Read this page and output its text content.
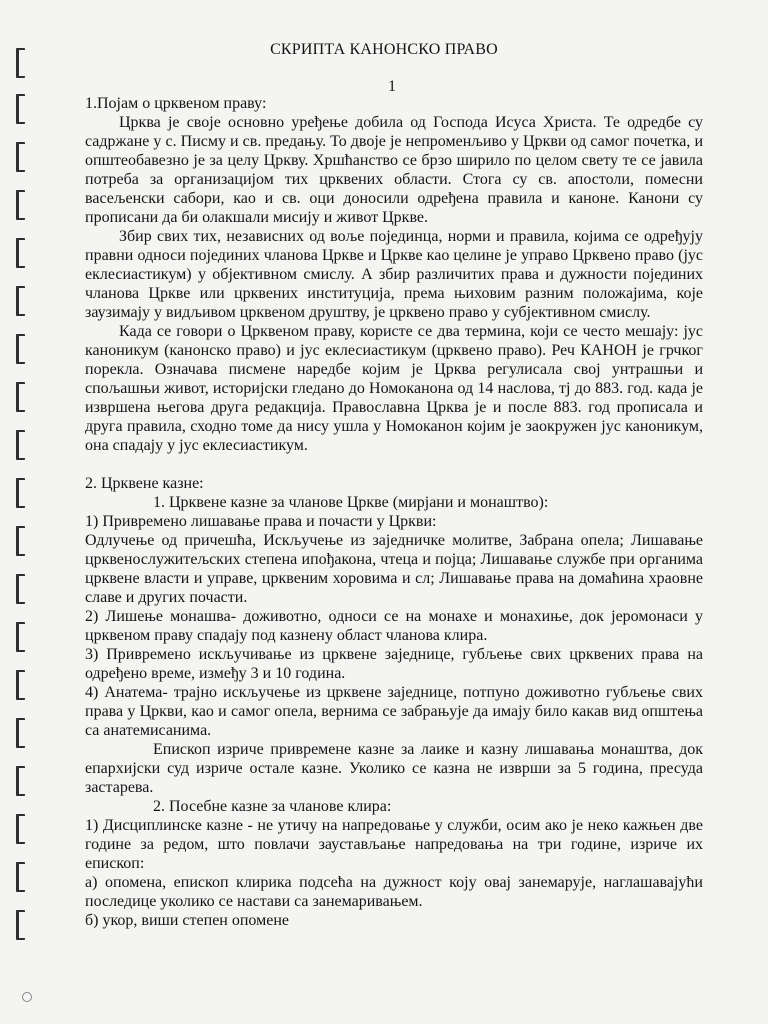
СКРИПТА КАНОНСКО ПРАВО

1

1.Појам о црквеном праву:

Црква је своје основно уређење добила од Господа Исуса Христа. Те одредбе су садржане у с. Писму и св. предању. То двоје је непроменљиво у Цркви од самог почетка, и општеобавезно је за целу Цркву. Хршћанство се брзо ширило по целом свету те се јавила потреба за организацијом тих црквених области. Стога су св. апостоли, помесни васељенски сабори, као и св. оци доносили одређена правила и каноне. Канони су прописани да би олакшали мисију и живот Цркве.

Збир свих тих, независних од воље појединца, норми и правила, којима се одређују правни односи појединих чланова Цркве и Цркве као целине је управо Црквено право (јус еклесиастикум) у објективном смислу. А збир различитих права и дужности појединих чланова Цркве или црквених институција, према њиховим разним положајима, које заузимају у видљивом црквеном друштву, је црквено право у субјективном смислу.

Када се говори о Црквеном праву, користе се два термина, који се често мешају: јус каноникум (канонско право) и јус еклесиастикум (црквено право). Реч КАНОН је грчког порекла. Означава писмене наредбе којим је Црква регулисала свој унтрашњи и спољашњи живот, историјски гледано до Номоканона од 14 наслова, тј до 883. год. када је извршена његова друга редакција. Православна Црква је и после 883. год прописала и друга правила, сходно томе да нису ушла у Номоканон којим је заокружен јус каноникум, она спадају у јус еклесиастикум.

2. Црквене казне:

1. Црквене казне за чланове Цркве (мирјани и монаштво):

1) Привремено лишавање права и почасти у Цркви:

Одлучење од причешћа, Искључење из заједничке молитве, Забрана опела; Лишавање црквенослужитељских степена ипођакона, чтеца и појца; Лишавање службе при органима црквене власти и управе, црквеним хоровима и сл; Лишавање права на домаћина храовне славе и других почасти.

2) Лишење монашва- доживотно, односи се на монахе и монахиње, док јеромонаси у црквеном праву спадају под казнену област чланова клира.

3) Привремено искључивање из црквене заједнице, губљење свих црквених права на одређено време, између 3 и 10 година.

4) Анатема- трајно искључење из црквене заједнице, потпуно доживотно губљење свих права у Цркви, као и самог опела, вернима се забрањује да имају било какав вид општења са анатемисанима.

Епископ изриче привремене казне за лаике и казну лишавања монаштва, док епархијски суд изриче остале казне. Уколико се казна не изврши за 5 година, пресуда застарева.

2. Посебне казне за чланове клира:

1) Дисциплинске казне - не утичу на напредовање у служби, осим ако је неко кажњен две године за редом, што повлачи заустављање напредовања на три године, изриче их епископ:

а) опомена, епископ клирика подсећа на дужност коју овај занемарује, наглашавајући последице уколико се настави са занемаривањем.

б) укор, виши степен опомене
